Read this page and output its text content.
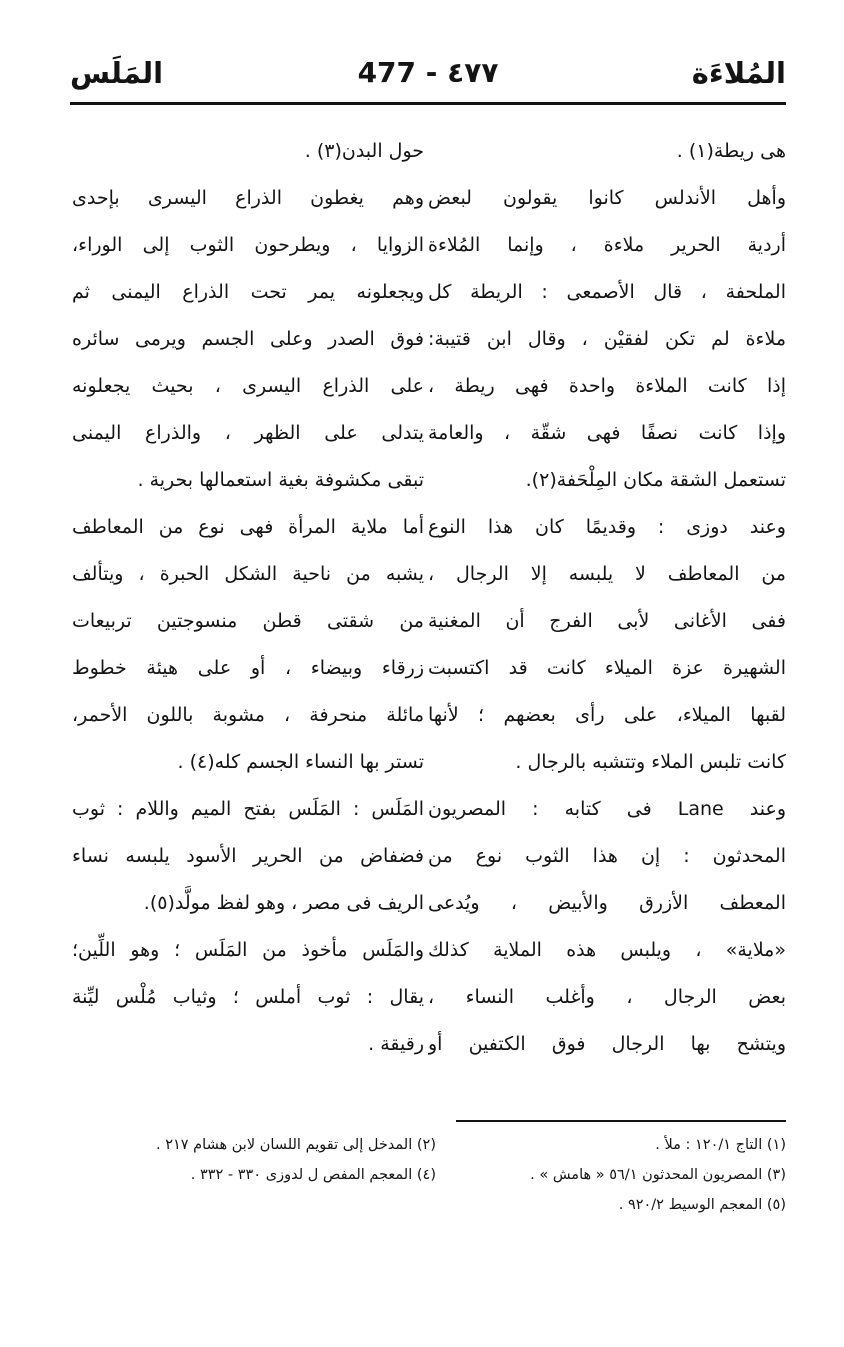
المُلاءَة
477 - ٤٧٧
المَلَس
هى ريطة(١) .
وأهل الأندلس كانوا يقولون لبعض
أردية الحرير ملاءة ، وإنما المُلاءة
الملحفة ، قال الأصمعى : الريطة كل
ملاءة لم تكن لفقيْن ، وقال ابن قتيبة:
إذا كانت الملاءة واحدة فهى ريطة ،
وإذا كانت نصفًا فهى شقّة ، والعامة
تستعمل الشقة مكان المِلْحَفة(٢).
وعند دوزى : وقديمًا كان هذا النوع
من المعاطف لا يلبسه إلا الرجال ،
ففى الأغانى لأبى الفرج أن المغنية
الشهيرة عزة الميلاء كانت قد اكتسبت
لقبها الميلاء، على رأى بعضهم ؛ لأنها
كانت تلبس الملاء وتتشبه بالرجال .
وعند Lane فى كتابه : المصريون
المحدثون : إن هذا الثوب نوع من
المعطف الأزرق والأبيض ، ويُدعى
«ملاية» ، ويلبس هذه الملاية كذلك
بعض الرجال ، وأغلب النساء ،
ويتشح بها الرجال فوق الكتفين أو
حول البدن(٣) .
وهم يغطون الذراع اليسرى بإحدى
الزوايا ، ويطرحون الثوب إلى الوراء،
ويجعلونه يمر تحت الذراع اليمنى ثم
فوق الصدر وعلى الجسم ويرمى سائره
على الذراع اليسرى ، بحيث يجعلونه
يتدلى على الظهر ، والذراع اليمنى
تبقى مكشوفة بغية استعمالها بحرية .
أما ملاية المرأة فهى نوع من المعاطف
يشبه من ناحية الشكل الحبرة ، ويتألف
من شقتى قطن منسوجتين تربيعات
زرقاء وبيضاء ، أو على هيئة خطوط
مائلة منحرفة ، مشوبة باللون الأحمر،
تستر بها النساء الجسم كله(٤) .
المَلَس : المَلَس بفتح الميم واللام : ثوب
فضفاض من الحرير الأسود يلبسه نساء
الريف فى مصر ، وهو لفظ مولَّد(٥).
والمَلَس مأخوذ من المَلَس ؛ وهو اللِّين؛
يقال : ثوب أملس ؛ وثياب مُلْس ليِّنة
رقيقة .
(١) التاج ١٢٠/١ : ملأ .
(٢) المدخل إلى تقويم اللسان لابن هشام ٢١٧ .
(٣) المصريون المحدثون ٥٦/١ « هامش » .
(٤) المعجم المفص ل لدوزى ٣٣٠ - ٣٣٢ .
(٥) المعجم الوسيط ٩٢٠/٢ .
